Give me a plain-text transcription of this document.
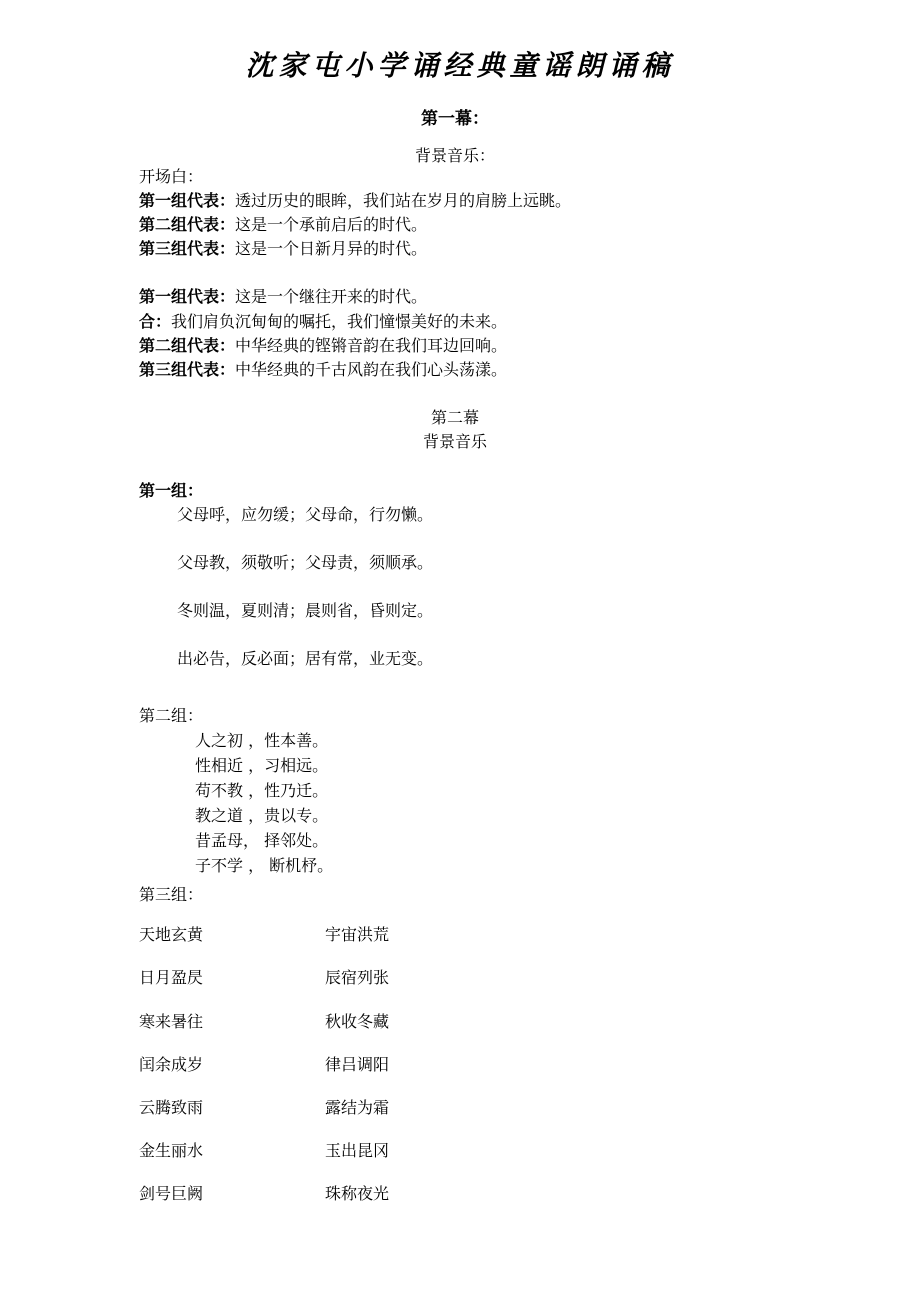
沈家屯小学诵经典童谣朗诵稿
第一幕：
背景音乐：
开场白：
第一组代表：透过历史的眼眸，我们站在岁月的肩膀上远眺。
第二组代表：这是一个承前启后的时代。
第三组代表：这是一个日新月异的时代。
第一组代表：这是一个继往开来的时代。
合：我们肩负沉甸甸的嘱托，我们憧憬美好的未来。
第二组代表：中华经典的铿锵音韵在我们耳边回响。
第三组代表：中华经典的千古风韵在我们心头荡漾。
第二幕
背景音乐
第一组：
父母呼，应勿缓；父母命，行勿懒。
父母教，须敬听；父母责，须顺承。
冬则温，夏则清；晨则省，昏则定。
出必告，反必面；居有常，业无变。
第二组：
人之初 ，性本善。
性相近 ，习相远。
苟不教 ，性乃迁。
教之道 ，贵以专。
昔孟母， 择邻处。
子不学 ， 断机杼。
第三组：
天地玄黄	宇宙洪荒
日月盈昃	辰宿列张
寒来暑往	秋收冬藏
闰余成岁	律吕调阳
云腾致雨	露结为霜
金生丽水	玉出昆冈
剑号巨阙	珠称夜光
